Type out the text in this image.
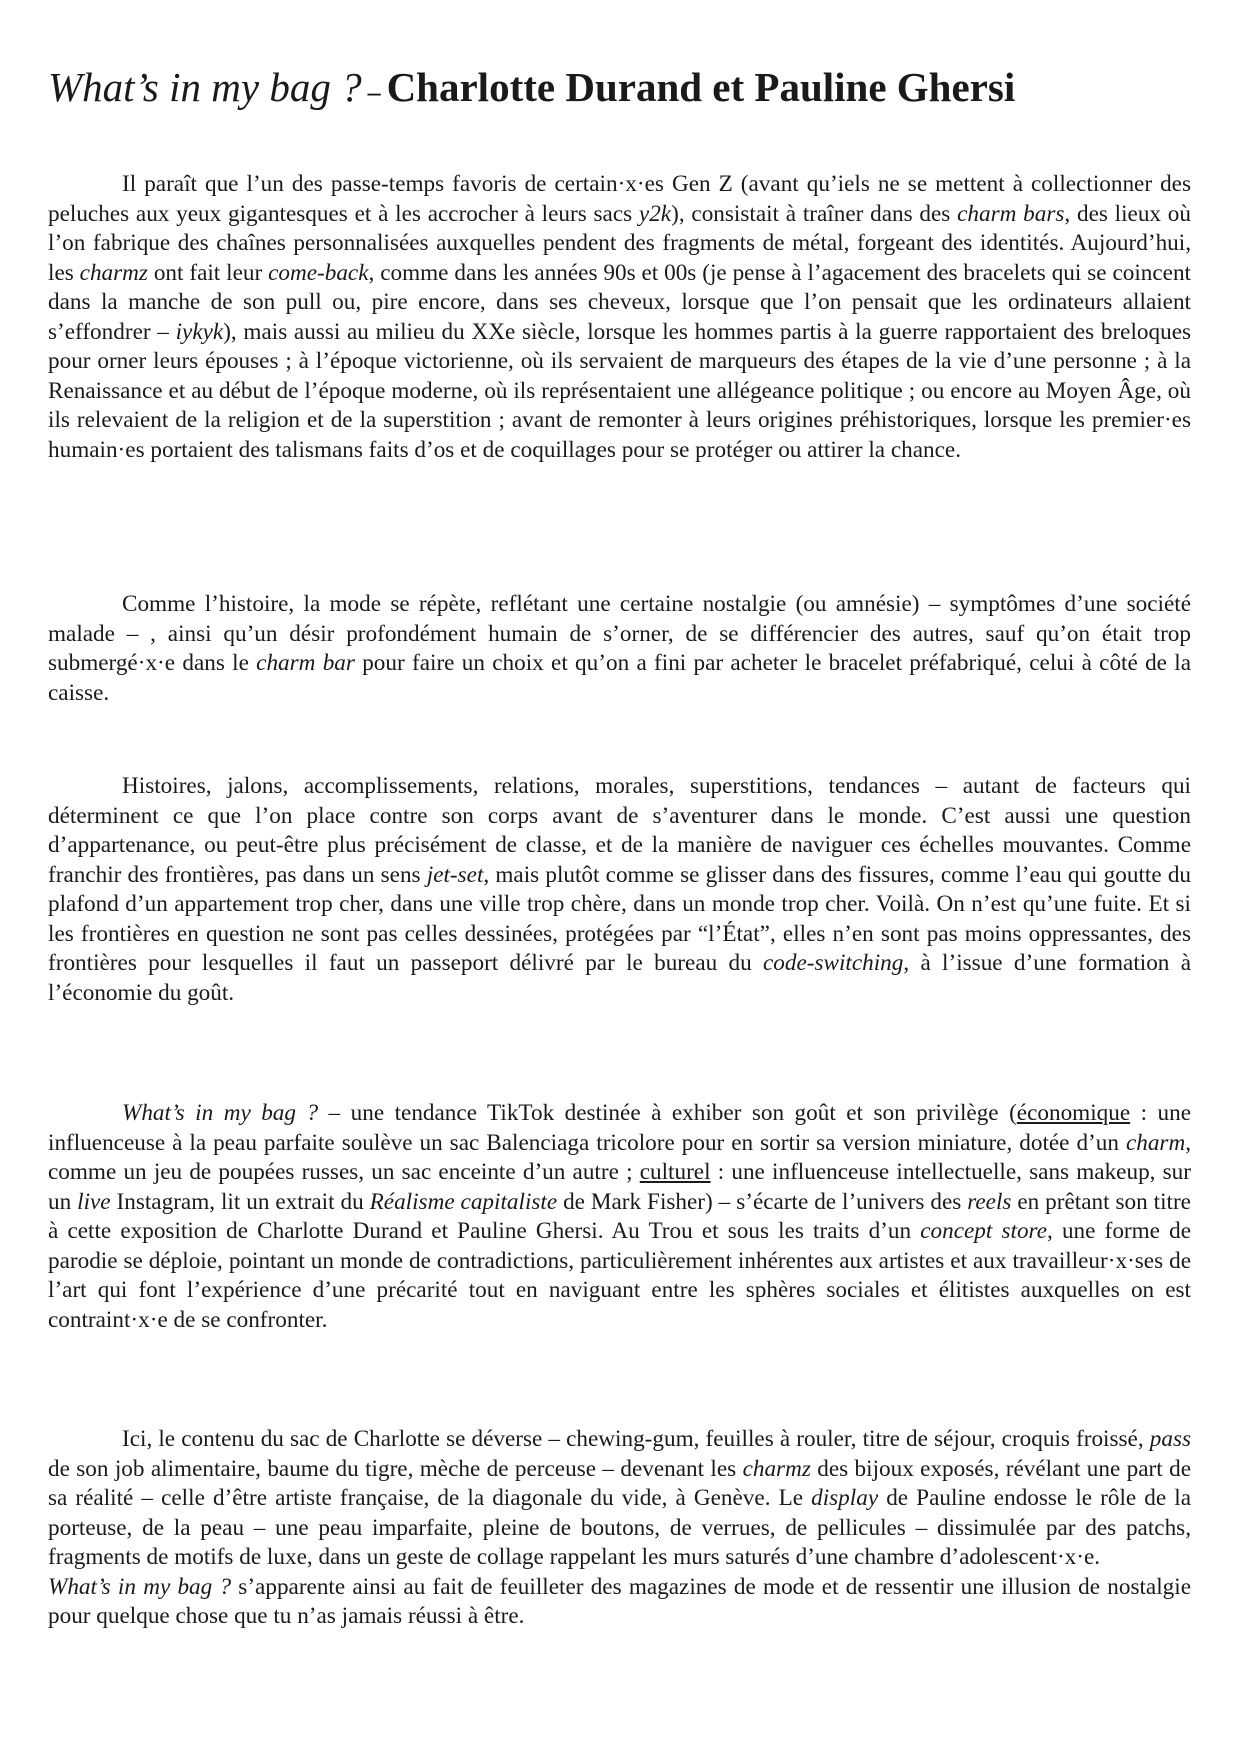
What’s in my bag ? – Charlotte Durand et Pauline Ghersi

Il paraît que l’un des passe-temps favoris de certain·x·es Gen Z (avant qu’iels ne se mettent à collectionner des peluches aux yeux gigantesques et à les accrocher à leurs sacs y2k), consistait à traîner dans des charm bars, des lieux où l’on fabrique des chaînes personnalisées auxquelles pendent des fragments de métal, forgeant des identités. Aujourd’hui, les charmz ont fait leur come-back, comme dans les années 90s et 00s (je pense à l’agacement des bracelets qui se coincent dans la manche de son pull ou, pire encore, dans ses cheveux, lorsque que l’on pensait que les ordinateurs allaient s’effondrer – iykyk), mais aussi au milieu du XXe siècle, lorsque les hommes partis à la guerre rapportaient des breloques pour orner leurs épouses ; à l’époque victorienne, où ils servaient de marqueurs des étapes de la vie d’une personne ; à la Renaissance et au début de l’époque moderne, où ils représentaient une allégeance politique ; ou encore au Moyen Âge, où ils relevaient de la religion et de la superstition ; avant de remonter à leurs origines préhistoriques, lorsque les premier·es humain·es portaient des talismans faits d’os et de coquillages pour se protéger ou attirer la chance.

Comme l’histoire, la mode se répète, reflétant une certaine nostalgie (ou amnésie) – symptômes d’une société malade – , ainsi qu’un désir profondément humain de s’orner, de se différencier des autres, sauf qu’on était trop submergé·x·e dans le charm bar pour faire un choix et qu’on a fini par acheter le bracelet préfabriqué, celui à côté de la caisse.

Histoires, jalons, accomplissements, relations, morales, superstitions, tendances – autant de facteurs qui déterminent ce que l’on place contre son corps avant de s’aventurer dans le monde. C’est aussi une question d’appartenance, ou peut-être plus précisément de classe, et de la manière de naviguer ces échelles mouvantes. Comme franchir des frontières, pas dans un sens jet-set, mais plutôt comme se glisser dans des fissures, comme l’eau qui goutte du plafond d’un appartement trop cher, dans une ville trop chère, dans un monde trop cher. Voilà. On n’est qu’une fuite. Et si les frontières en question ne sont pas celles dessinées, protégées par “l’État”, elles n’en sont pas moins oppressantes, des frontières pour lesquelles il faut un passeport délivré par le bureau du code-switching, à l’issue d’une formation à l’économie du goût.

What’s in my bag ? – une tendance TikTok destinée à exhiber son goût et son privilège (économique : une influenceuse à la peau parfaite soulève un sac Balenciaga tricolore pour en sortir sa version miniature, dotée d’un charm, comme un jeu de poupées russes, un sac enceinte d’un autre ; culturel : une influenceuse intellectuelle, sans makeup, sur un live Instagram, lit un extrait du Réalisme capitaliste de Mark Fisher) – s’écarte de l’univers des reels en prêtant son titre à cette exposition de Charlotte Durand et Pauline Ghersi. Au Trou et sous les traits d’un concept store, une forme de parodie se déploie, pointant un monde de contradictions, particulièrement inhérentes aux artistes et aux travailleur·x·ses de l’art qui font l’expérience d’une précarité tout en naviguant entre les sphères sociales et élitistes auxquelles on est contraint·x·e de se confronter.

Ici, le contenu du sac de Charlotte se déverse – chewing-gum, feuilles à rouler, titre de séjour, croquis froissé, pass de son job alimentaire, baume du tigre, mèche de perceuse – devenant les charmz des bijoux exposés, révélant une part de sa réalité – celle d’être artiste française, de la diagonale du vide, à Genève. Le display de Pauline endosse le rôle de la porteuse, de la peau – une peau imparfaite, pleine de boutons, de verrues, de pellicules – dissimulée par des patchs, fragments de motifs de luxe, dans un geste de collage rappelant les murs saturés d’une chambre d’adolescent·x·e.
What’s in my bag ? s’apparente ainsi au fait de feuilleter des magazines de mode et de ressentir une illusion de nostalgie pour quelque chose que tu n’as jamais réussi à être.
